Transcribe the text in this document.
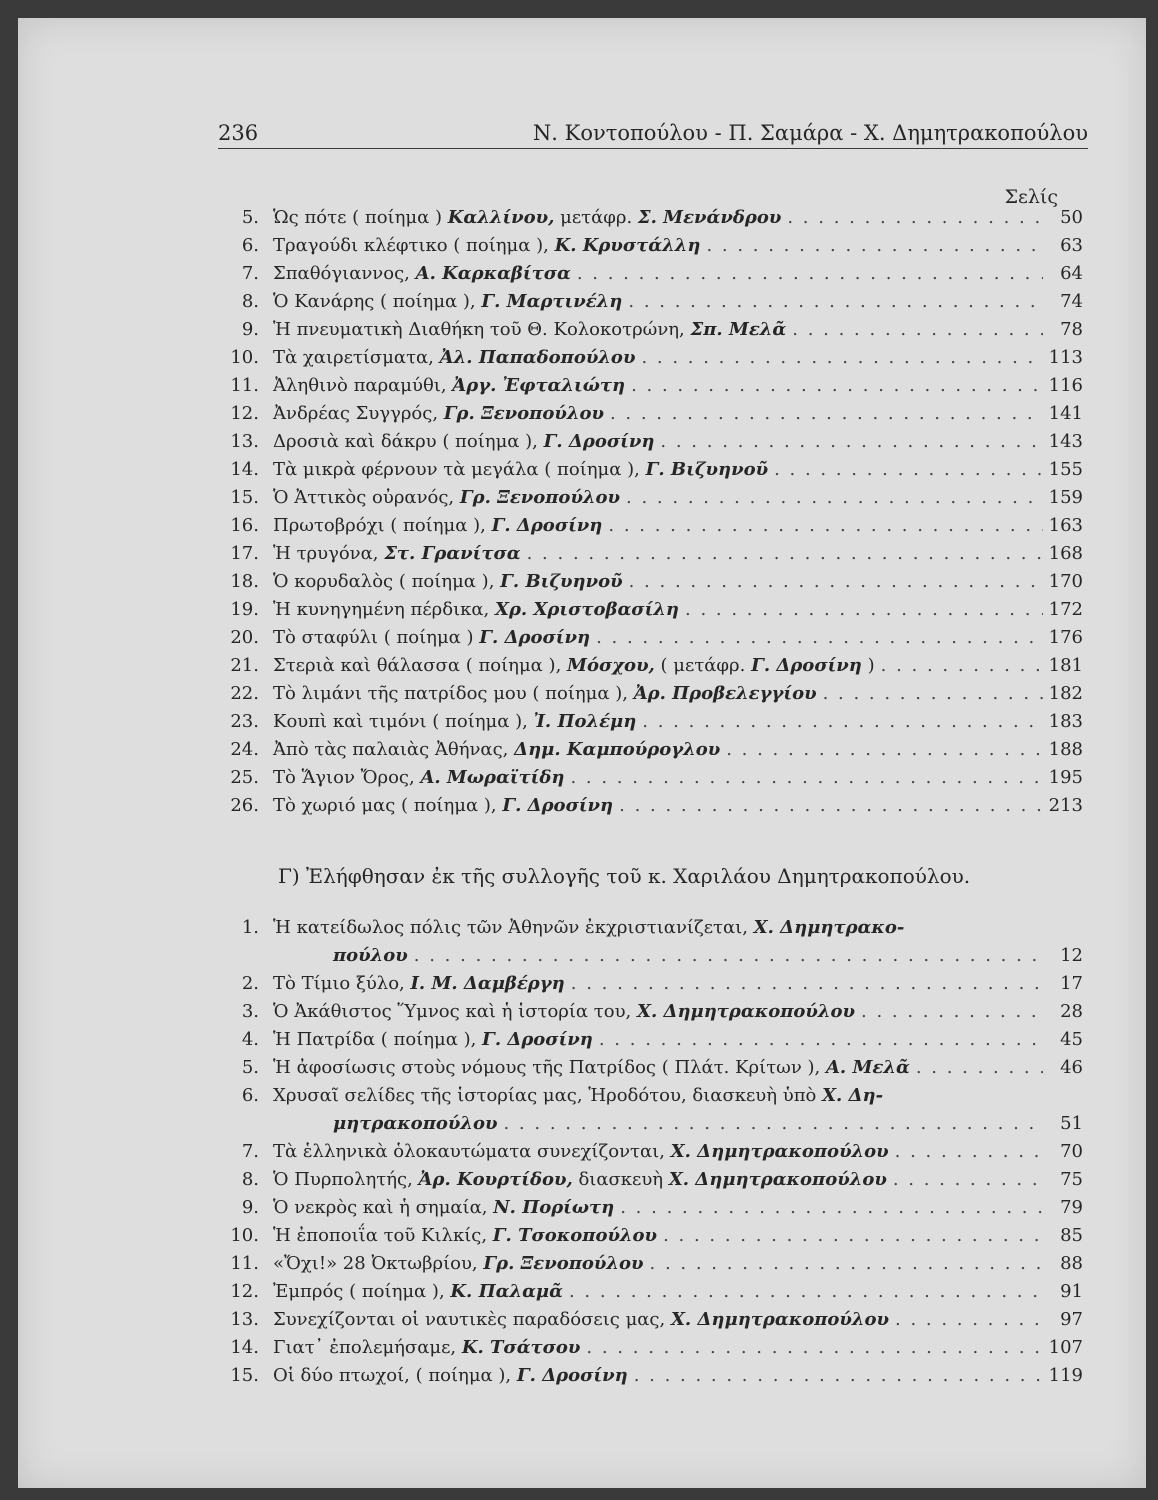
236	Ν. Κοντοπούλου - Π. Σαμάρα - Χ. Δημητρακοπούλου
Σελίς
5. Ὡς πότε ( ποίημα ) Καλλίνου, μετάφρ. Σ. Μενάνδρου . . .	50
6. Τραγούδι κλέφτικο ( ποίημα ), Κ. Κρυστάλλη . . .	63
7. Σπαθόγιαννος, Α. Καρκαβίτσα . . .	64
8. Ὁ Κανάρης ( ποίημα ), Γ. Μαρτινέλη . . .	74
9. Ἡ πνευματικὴ Διαθήκη τοῦ Θ. Κολοκοτρώνη, Σπ. Μελᾶ . . .	78
10. Τὰ χαιρετίσματα, Ἀλ. Παπαδοπούλου . . .	113
11. Ἀληθινὸ παραμύθι, Ἀργ. Ἐφταλιώτη . . .	116
12. Ἀνδρέας Συγγρός, Γρ. Ξενοπούλου . . .	141
13. Δροσιὰ καὶ δάκρυ ( ποίημα ), Γ. Δροσίνη . . .	143
14. Τὰ μικρὰ φέρνουν τὰ μεγάλα ( ποίημα ), Γ. Βιζυηνοῦ . . .	155
15. Ὁ Ἀττικὸς οὐρανός, Γρ. Ξενοπούλου . . .	159
16. Πρωτοβρόχι ( ποίημα ), Γ. Δροσίνη . . .	163
17. Ἡ τρυγόνα, Στ. Γρανίτσα . . .	168
18. Ὁ κορυδαλὸς ( ποίημα ), Γ. Βιζυηνοῦ . . .	170
19. Ἡ κυνηγημένη πέρδικα, Χρ. Χριστοβασίλη . . .	172
20. Τὸ σταφύλι ( ποίημα ) Γ. Δροσίνη . . .	176
21. Στεριὰ καὶ θάλασσα ( ποίημα ), Μόσχου, ( μετάφρ. Γ. Δροσίνη ) . . .	181
22. Τὸ λιμάνι τῆς πατρίδος μου ( ποίημα ), Ἀρ. Προβελεγγίου . . .	182
23. Κουπὶ καὶ τιμόνι ( ποίημα ), Ἰ. Πολέμη . . .	183
24. Ἀπὸ τὰς παλαιὰς Ἀθήνας, Δημ. Καμπούρογλου . . .	188
25. Τὸ Ἅγιον Ὄρος, Α. Μωραϊτίδη . . .	195
26. Τὸ χωριό μας ( ποίημα ), Γ. Δροσίνη . . .	213
Γ) Ἐλήφθησαν ἐκ τῆς συλλογῆς τοῦ κ. Χαριλάου Δημητρακοπούλου.
1. Ἡ κατείδωλος πόλις τῶν Ἀθηνῶν ἐκχριστιανίζεται, Χ. Δημητρακο-
πούλου . . .	12
2. Τὸ Τίμιο ξύλο, Ι. Μ. Δαμβέργη . . .	17
3. Ὁ Ἀκάθιστος Ὕμνος καὶ ἡ ἱστορία του, Χ. Δημητρακοπούλου . . .	28
4. Ἡ Πατρίδα ( ποίημα ), Γ. Δροσίνη . . .	45
5. Ἡ ἀφοσίωσις στοὺς νόμους τῆς Πατρίδος ( Πλάτ. Κρίτων ), Α. Μελᾶ . . .	46
6. Χρυσαῖ σελίδες τῆς ἱστορίας μας, Ἡροδότου, διασκευὴ ὑπὸ Χ. Δη-
μητρακοπούλου . . .	51
7. Τὰ ἑλληνικὰ ὁλοκαυτώματα συνεχίζονται, Χ. Δημητρακοπούλου . . .	70
8. Ὁ Πυρπολητής, Ἀρ. Κουρτίδου, διασκευὴ Χ. Δημητρακοπούλου . . .	75
9. Ὁ νεκρὸς καὶ ἡ σημαία, Ν. Πορίωτη . . .	79
10. Ἡ ἐποποιΐα τοῦ Κιλκίς, Γ. Τσοκοπούλου . . .	85
11. «Ὄχι!» 28 Ὀκτωβρίου, Γρ. Ξενοπούλου . . .	88
12. Ἐμπρός ( ποίημα ), Κ. Παλαμᾶ . . .	91
13. Συνεχίζονται οἱ ναυτικὲς παραδόσεις μας, Χ. Δημητρακοπούλου . . .	97
14. Γιατ᾿ ἐπολεμήσαμε, Κ. Τσάτσου . . .	107
15. Οἱ δύο πτωχοί, ( ποίημα ), Γ. Δροσίνη . . .	119
